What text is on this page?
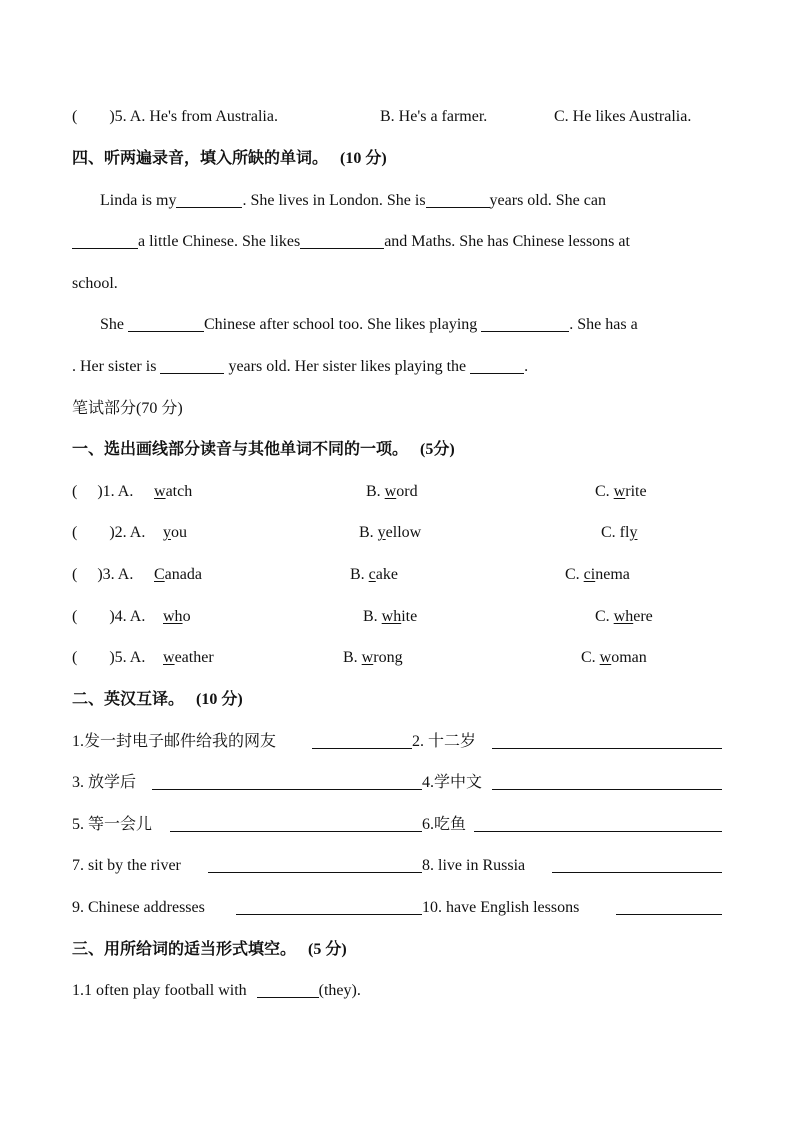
(　　)5. A. He's from Australia.	B. He's a farmer.	C. He likes Australia.
四、听两遍录音，填入所缺的单词。 (10 分)
Linda is my	. She lives in London. She is	years old. She can
a little Chinese. She likes	and Maths. She has Chinese lessons at
school.
She	Chinese after school too. She likes playing	. She has a
. Her sister is	years old. Her sister likes playing the	.
笔试部分(70 分)
一、选出画线部分读音与其他单词不同的一项。 (5分)
(　 )1. A. watch	B. word	C. write
(　　)2. A. you	B. yellow	C. fly
(　 )3. A. Canada	B. cake	C. cinema
(　　)4. A. who	B. white	C. where
(　　)5. A. weather	B. wrong	C. woman
二、英汉互译。 (10 分)
1.发一封电子邮件给我的网友	2. 十二岁
3. 放学后	4.学中文
5. 等一会儿	6.吃鱼
7. sit by the river	8. live in Russia
9. Chinese addresses	10. have English lessons
三、用所给词的适当形式填空。 (5 分)
1.1 often play football with	(they).
